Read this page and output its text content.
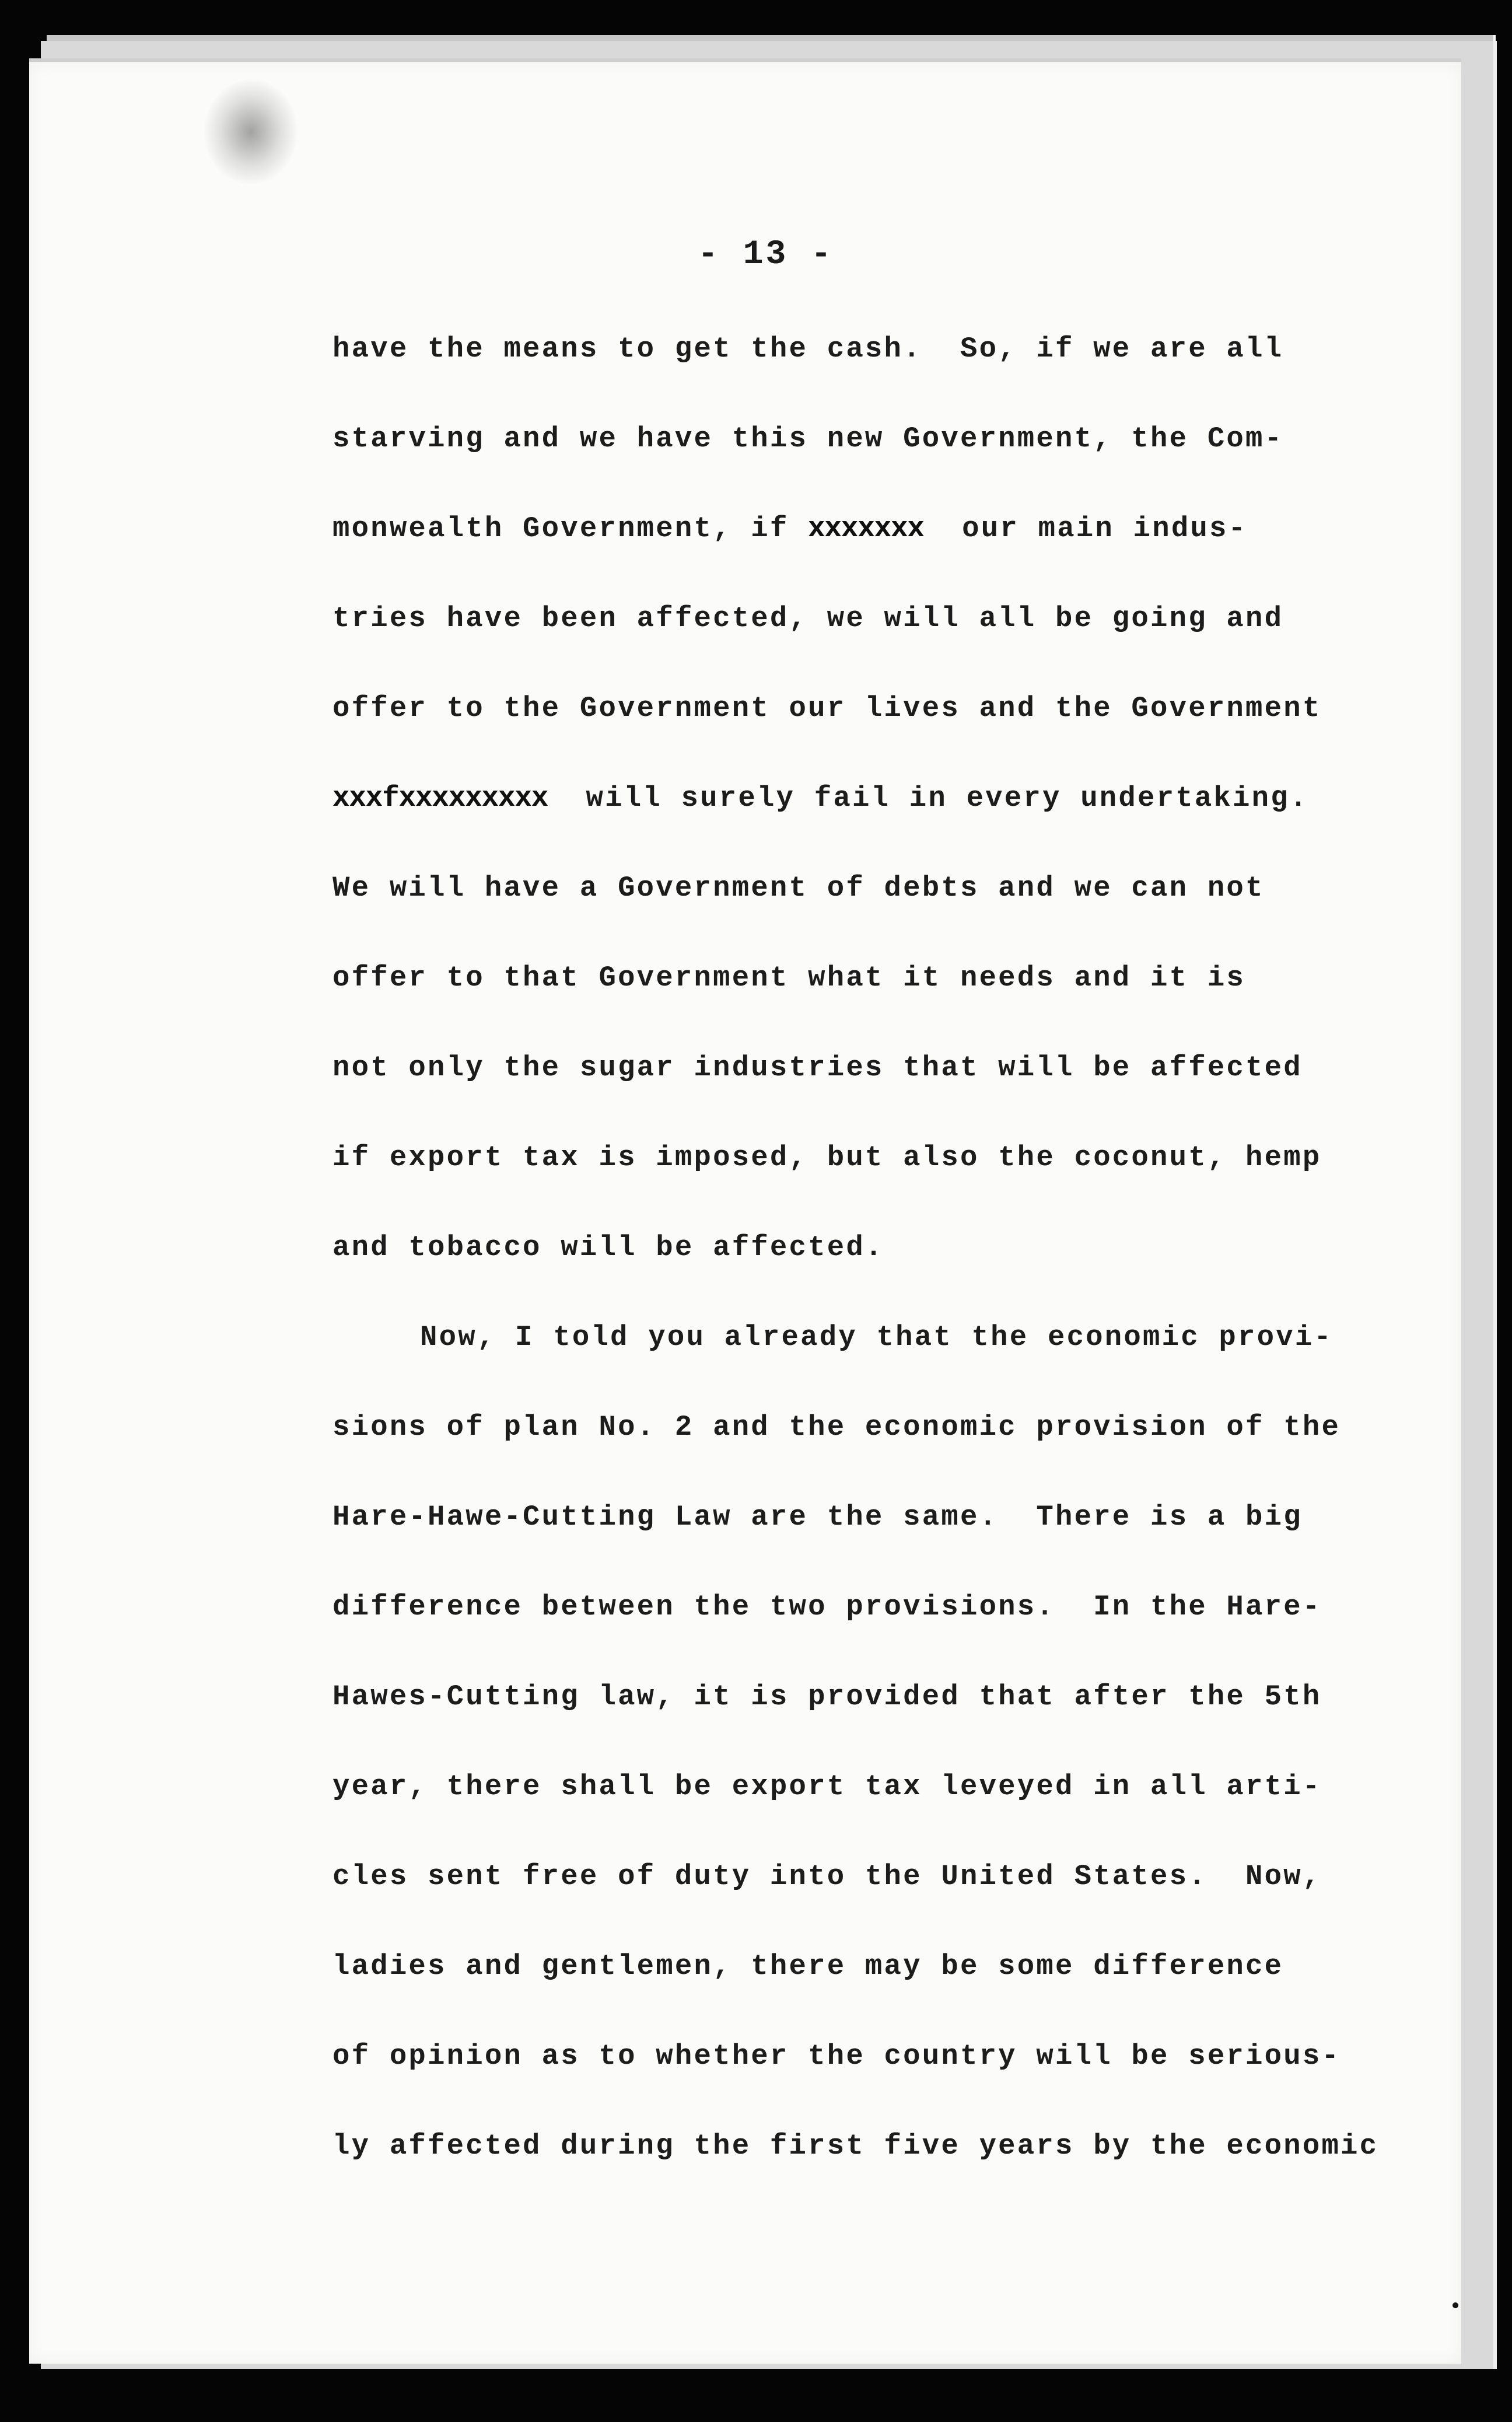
- 13 -
have the means to get the cash.  So, if we are all
starving and we have this new Government, the Com-
monwealth Government, if xxxxxxx  our main indus-
tries have been affected, we will all be going and
offer to the Government our lives and the Government
xxxfxxxxxxxxx  will surely fail in every undertaking.
We will have a Government of debts and we can not
offer to that Government what it needs and it is
not only the sugar industries that will be affected
if export tax is imposed, but also the coconut, hemp
and tobacco will be affected.
Now, I told you already that the economic provi-
sions of plan No. 2 and the economic provision of the
Hare-Hawe-Cutting Law are the same.  There is a big
difference between the two provisions.  In the Hare-
Hawes-Cutting law, it is provided that after the 5th
year, there shall be export tax leveyed in all arti-
cles sent free of duty into the United States.  Now,
ladies and gentlemen, there may be some difference
of opinion as to whether the country will be serious-
ly affected during the first five years by the economic
